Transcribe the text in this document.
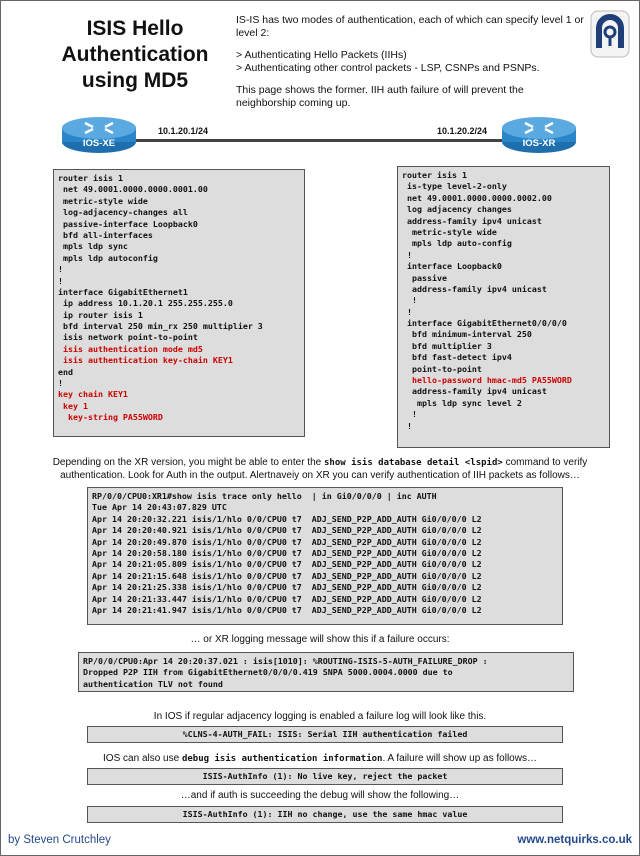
ISIS Hello
Authentication
using MD5

IS-IS has two modes of authentication, each of which can specify level 1 or level 2:

> Authenticating Hello Packets (IIHs)

> Authenticating other control packets - LSP, CSNPs and PSNPs.

This page shows the former. IIH auth failure of will prevent the neighborship coming up.

IOS-XE	IOS-XR
10.1.20.1/24	10.1.20.2/24
router isis 1
net 49.0001.0000.0000.0001.00
metric-style wide
log-adjacency-changes all
passive-interface Loopback0
bfd all-interfaces
mpls ldp sync
mpls ldp autoconfig
!
!
interface GigabitEthernet1
ip address 10.1.20.1 255.255.255.0
ip router isis 1
bfd interval 250 min_rx 250 multiplier 3
isis network point-to-point
isis authentication mode md5
isis authentication key-chain KEY1
end
!
key chain KEY1
key 1
key-string PA55WORD
router isis 1
is-type level-2-only
net 49.0001.0000.0000.0002.00
log adjacency changes
address-family ipv4 unicast
metric-style wide
mpls ldp auto-config
!
interface Loopback0
passive
address-family ipv4 unicast
!
!
interface GigabitEthernet0/0/0/0
bfd minimum-interval 250
bfd multiplier 3
bfd fast-detect ipv4
point-to-point
hello-password hmac-md5 PA55WORD
address-family ipv4 unicast
mpls ldp sync level 2
!
!
Depending on the XR version, you might be able to enter the show isis database detail <lspid> command to verify authentication. Look for Auth in the output. Alertnaveiy on XR you can verify authentication of IIH packets as follows…
RP/0/0/CPU0:XR1#show isis trace only hello  | in Gi0/0/0/0 | inc AUTH
Tue Apr 14 20:43:07.829 UTC
Apr 14 20:20:32.221 isis/1/hlo 0/0/CPU0 t7  ADJ_SEND_P2P_ADD_AUTH Gi0/0/0/0 L2
Apr 14 20:20:40.921 isis/1/hlo 0/0/CPU0 t7  ADJ_SEND_P2P_ADD_AUTH Gi0/0/0/0 L2
Apr 14 20:20:49.870 isis/1/hlo 0/0/CPU0 t7  ADJ_SEND_P2P_ADD_AUTH Gi0/0/0/0 L2
Apr 14 20:20:58.180 isis/1/hlo 0/0/CPU0 t7  ADJ_SEND_P2P_ADD_AUTH Gi0/0/0/0 L2
Apr 14 20:21:05.809 isis/1/hlo 0/0/CPU0 t7  ADJ_SEND_P2P_ADD_AUTH Gi0/0/0/0 L2
Apr 14 20:21:15.648 isis/1/hlo 0/0/CPU0 t7  ADJ_SEND_P2P_ADD_AUTH Gi0/0/0/0 L2
Apr 14 20:21:25.338 isis/1/hlo 0/0/CPU0 t7  ADJ_SEND_P2P_ADD_AUTH Gi0/0/0/0 L2
Apr 14 20:21:33.447 isis/1/hlo 0/0/CPU0 t7  ADJ_SEND_P2P_ADD_AUTH Gi0/0/0/0 L2
Apr 14 20:21:41.947 isis/1/hlo 0/0/CPU0 t7  ADJ_SEND_P2P_ADD_AUTH Gi0/0/0/0 L2
… or XR logging message will show this if a failure occurs:
RP/0/0/CPU0:Apr 14 20:20:37.021 : isis[1010]: %ROUTING-ISIS-5-AUTH_FAILURE_DROP :
Dropped P2P IIH from GigabitEthernet0/0/0/0.419 SNPA 5000.0004.0000 due to
authentication TLV not found
In IOS if regular adjacency logging is enabled a failure log will look like this.
%CLNS-4-AUTH_FAIL: ISIS: Serial IIH authentication failed
IOS can also use debug isis authentication information. A failure will show up as follows…
ISIS-AuthInfo (1): No live key, reject the packet
…and if auth is succeeding the debug will show the following…
ISIS-AuthInfo (1): IIH no change, use the same hmac value
by Steven Crutchley	www.netquirks.co.uk
